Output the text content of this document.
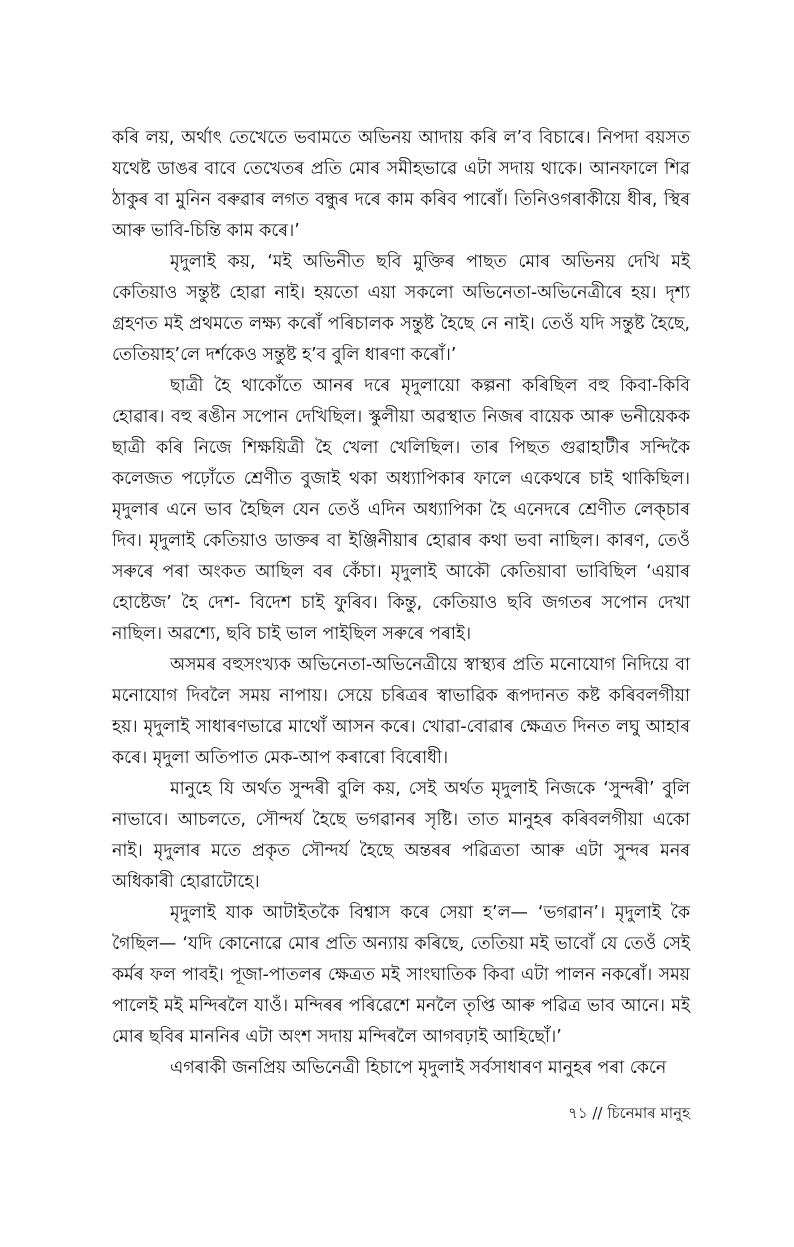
কৰি লয়, অৰ্থাৎ তেখেতে ভবামতে অভিনয় আদায় কৰি ল’ব বিচাৰে। নিপদা বয়সত যথেষ্ট ডাঙৰ বাবে তেখেতৰ প্ৰতি মোৰ সমীহভাৱে এটা সদায় থাকে। আনফালে শিৱ ঠাকুৰ বা মুনিন বৰুৱাৰ লগত বন্ধুৰ দৰে কাম কৰিব পাৰোঁ। তিনিওগৰাকীয়ে ধীৰ, স্থিৰ আৰু ভাবি-চিন্তি কাম কৰে।’

মৃদুলাই কয়, ‘মই অভিনীত ছবি মুক্তিৰ পাছত মোৰ অভিনয় দেখি মই কেতিয়াও সন্তুষ্ট হোৱা নাই। হয়তো এয়া সকলো অভিনেতা-অভিনেত্ৰীৰে হয়। দৃশ্য গ্ৰহণত মই প্ৰথমতে লক্ষ্য কৰোঁ পৰিচালক সন্তুষ্ট হৈছে নে নাই। তেওঁ যদি সন্তুষ্ট হৈছে, তেতিয়াহ’লে দৰ্শকেও সন্তুষ্ট হ’ব বুলি ধাৰণা কৰোঁ।’

ছাত্ৰী হৈ থাকোঁতে আনৰ দৰে মৃদুলায়ো কল্পনা কৰিছিল বহু কিবা-কিবি হোৱাৰ। বহু ৰঙীন সপোন দেখিছিল। স্কুলীয়া অৱস্থাত নিজৰ বায়েক আৰু ভনীয়েকক ছাত্ৰী কৰি নিজে শিক্ষয়িত্ৰী হৈ খেলা খেলিছিল। তাৰ পিছত গুৱাহাটীৰ সন্দিকৈ কলেজত পঢ়োঁতে শ্ৰেণীত বুজাই থকা অধ্যাপিকাৰ ফালে একেথৰে চাই থাকিছিল। মৃদুলাৰ এনে ভাব হৈছিল যেন তেওঁ এদিন অধ্যাপিকা হৈ এনেদৰে শ্ৰেণীত লেক্‌চাৰ দিব। মৃদুলাই কেতিয়াও ডাক্তৰ বা ইঞ্জিনীয়াৰ হোৱাৰ কথা ভবা নাছিল। কাৰণ, তেওঁ সৰুৰে পৰা অংকত আছিল বৰ কেঁচা। মৃদুলাই আকৌ কেতিয়াবা ভাবিছিল ‘এয়াৰ হোষ্টেজ’ হৈ দেশ- বিদেশ চাই ফুৰিব। কিন্তু, কেতিয়াও ছবি জগতৰ সপোন দেখা নাছিল। অৱশ্যে, ছবি চাই ভাল পাইছিল সৰুৰে পৰাই।

অসমৰ বহুসংখ্যক অভিনেতা-অভিনেত্ৰীয়ে স্বাস্থ্যৰ প্ৰতি মনোযোগ নিদিয়ে বা মনোযোগ দিবলৈ সময় নাপায়। সেয়ে চৰিত্ৰৰ স্বাভাৱিক ৰূপদানত কষ্ট কৰিবলগীয়া হয়। মৃদুলাই সাধাৰণভাৱে মাথোঁ আসন কৰে। খোৱা-বোৱাৰ ক্ষেত্ৰত দিনত লঘু আহাৰ কৰে। মৃদুলা অতিপাত মেক-আপ কৰাৰো বিৰোধী।

মানুহে যি অৰ্থত সুন্দৰী বুলি কয়, সেই অৰ্থত মৃদুলাই নিজকে ‘সুন্দৰী’ বুলি নাভাবে। আচলতে, সৌন্দৰ্য হৈছে ভগৱানৰ সৃষ্টি। তাত মানুহৰ কৰিবলগীয়া একো নাই। মৃদুলাৰ মতে প্ৰকৃত সৌন্দৰ্য হৈছে অন্তৰৰ পৱিত্ৰতা আৰু এটা সুন্দৰ মনৰ অধিকাৰী হোৱাটোহে।

মৃদুলাই যাক আটাইতকৈ বিশ্বাস কৰে সেয়া হ’ল— ‘ভগৱান’। মৃদুলাই কৈ গৈছিল— ‘যদি কোনোৱে মোৰ প্ৰতি অন্যায় কৰিছে, তেতিয়া মই ভাবোঁ যে তেওঁ সেই কৰ্মৰ ফল পাবই। পূজা-পাতলৰ ক্ষেত্ৰত মই সাংঘাতিক কিবা এটা পালন নকৰোঁ। সময় পালেই মই মন্দিৰলৈ যাওঁ। মন্দিৰৰ পৰিৱেশে মনলৈ তৃপ্তি আৰু পৱিত্ৰ ভাব আনে। মই মোৰ ছবিৰ মাননিৰ এটা অংশ সদায় মন্দিৰলৈ আগবঢ়াই আহিছোঁ।’

এগৰাকী জনপ্ৰিয় অভিনেত্ৰী হিচাপে মৃদুলাই সৰ্বসাধাৰণ মানুহৰ পৰা কেনে

৭১ // চিনেমাৰ মানুহ
